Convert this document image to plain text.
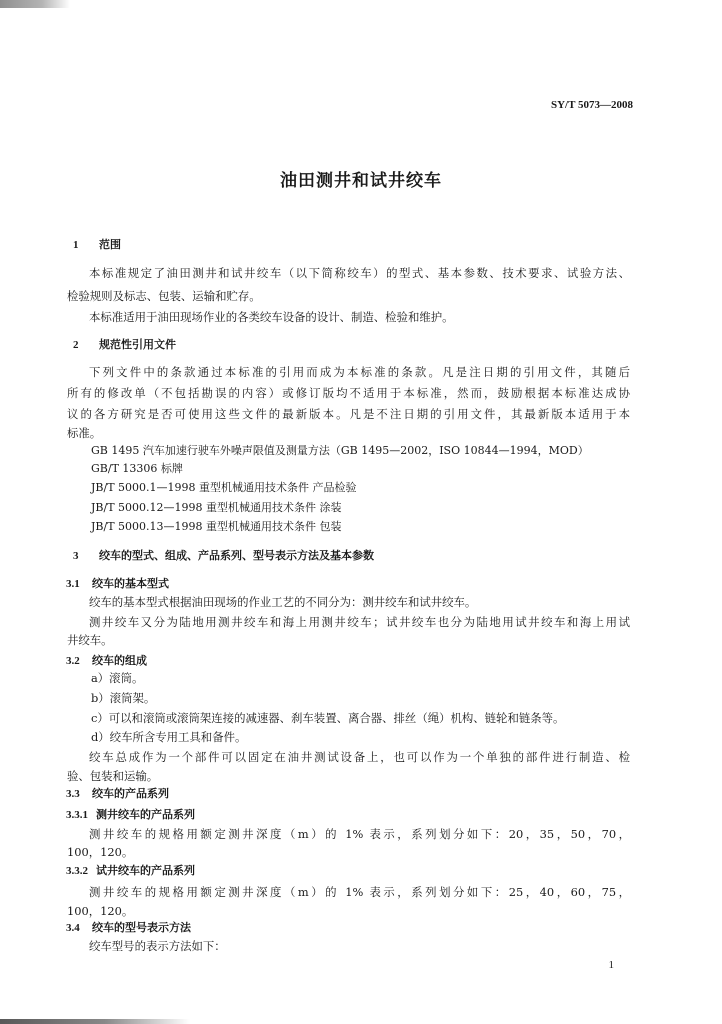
SY/T 5073—2008
油田测井和试井绞车
1 范围
本标准规定了油田测井和试井绞车（以下简称绞车）的型式、基本参数、技术要求、试验方法、
检验规则及标志、包装、运输和贮存。
本标准适用于油田现场作业的各类绞车设备的设计、制造、检验和维护。
2 规范性引用文件
下列文件中的条款通过本标准的引用而成为本标准的条款。凡是注日期的引用文件，其随后
所有的修改单（不包括勘误的内容）或修订版均不适用于本标准，然而，鼓励根据本标准达成协
议的各方研究是否可使用这些文件的最新版本。凡是不注日期的引用文件，其最新版本适用于本
标准。
GB 1495 汽车加速行驶车外噪声限值及测量方法（GB 1495—2002，ISO 10844—1994，MOD）
GB/T 13306 标牌
JB/T 5000.1—1998 重型机械通用技术条件 产品检验
JB/T 5000.12—1998 重型机械通用技术条件 涂装
JB/T 5000.13—1998 重型机械通用技术条件 包装
3 绞车的型式、组成、产品系列、型号表示方法及基本参数
3.1 绞车的基本型式
绞车的基本型式根据油田现场的作业工艺的不同分为：测井绞车和试井绞车。
测井绞车又分为陆地用测井绞车和海上用测井绞车；试井绞车也分为陆地用试井绞车和海上用试
井绞车。
3.2 绞车的组成
a）滚筒。
b）滚筒架。
c）可以和滚筒或滚筒架连接的减速器、刹车装置、离合器、排丝（绳）机构、链轮和链条等。
d）绞车所含专用工具和备件。
绞车总成作为一个部件可以固定在油井测试设备上，也可以作为一个单独的部件进行制造、检
验、包装和运输。
3.3 绞车的产品系列
3.3.1 测井绞车的产品系列
测井绞车的规格用额定测井深度（m）的 1% 表示，系列划分如下：20，35，50，70，
100，120。
3.3.2 试井绞车的产品系列
测井绞车的规格用额定测井深度（m）的 1% 表示，系列划分如下：25，40，60，75，
100，120。
3.4 绞车的型号表示方法
绞车型号的表示方法如下：
1
